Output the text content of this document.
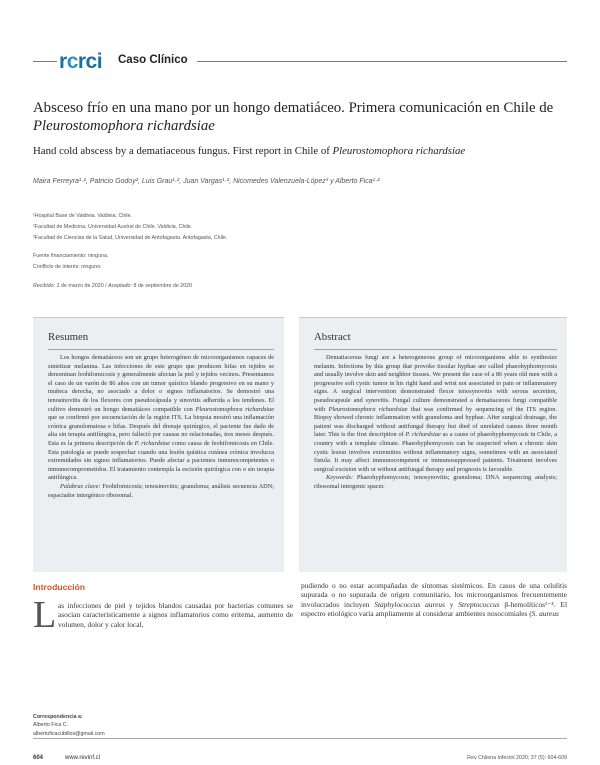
rcrci Caso Clínico
Absceso frío en una mano por un hongo dematiáceo. Primera comunicación en Chile de Pleurostomophora richardsiae
Hand cold abscess by a dematiaceous fungus. First report in Chile of Pleurostomophora richardsiae
Maira Ferreyra¹·², Patricio Godoy², Luis Grau¹·², Juan Vargas¹·², Nicomedes Valenzuela-López³ y Alberto Fica¹·²
¹Hospital Base de Valdivia. Valdivia, Chile.
²Facultad de Medicina, Universidad Austral de Chile. Valdivia, Chile.
³Facultad de Ciencias de la Salud, Universidad de Antofagasta. Antofagasta, Chile.
Fuente financiamiento: ninguna.
Conflicto de interés: ninguno.
Recibido: 2 de marzo de 2020 / Aceptado: 8 de septiembre de 2020
Resumen

Los hongos dematiáceos son un grupo heterogéneo de microorganismos capaces de sintetizar melanina. Las infecciones de este grupo que producen hifas en tejidos se denominan feohifomicosis y generalmente afectan la piel y tejidos vecinos. Presentamos el caso de un varón de 86 años con un tumor quístico blando progresivo en su mano y muñeca derecha, no asociado a dolor o signos inflamatorios. Se demostró una tenosinovitis de los flexores con pseudocápsula y sinovitis adherida a los tendones. El cultivo demostró un hongo dematiáceo compatible con Pleurostomophora richardsiae que se confirmó por secuenciación de la región ITS. La biopsia mostró una inflamación crónica granulomatosa e hifas. Después del drenaje quirúrgico, el paciente fue dado de alta sin terapia antifúngica, pero falleció por causas no relacionadas, tres meses después. Esta es la primera descripción de P. richardsiae como causa de feohifomicosis en Chile. Esta patología se puede sospechar cuando una lesión quística cutánea crónica involucra extremidades sin signos inflamatorios. Puede afectar a pacientes inmunocompetentes o inmunocomprometidos. El tratamiento contempla la escisión quirúrgica con o sin terapia antifúngica.
Palabras clave: Feohifomicosis; tenosinovitis; granuloma; análisis secuencia ADN; espaciador intergénico ribosomal.

Abstract

Dematiaceous fungi are a heterogeneous group of microorganisms able to synthesize melanin. Infections by this group that provoke tissular hyphae are called phaeohyphomycosis and usually involve skin and neighbor tissues. We present the case of a 86 years old men with a progressive soft cystic tumor in his right hand and wrist not associated to pain or inflammatory signs. A surgical intervention demonstrated flexor tenosynovitis with serous secretion, pseudocapsule and synovitis. Fungal culture demonstrated a dematiaceous fungi compatible with Pleurostomophora richardsiae that was confirmed by sequencing of the ITS region. Biopsy showed chronic inflammation with granuloma and hyphae. After surgical drainage, the patient was discharged without antifungal therapy but died of unrelated causes three month later. This is the first description of P. richardsiae as a cause of phaeohyphomycosis in Chile, a country with a template climate. Phaeohyphomycosis can be suspected when a chronic skin cystic lesion involves extremities without inflammatory signs, sometimes with an associated fistula. It may affect immunocompetent or immunosuppressed patients. Treatment involves surgical excision with or without antifungal therapy and prognosis is favorable.
Keywords: Phaeohyphomycosis; tenosynovitis; granuloma; DNA sequencing analysis; ribosomal intergenic spacer.

Introducción
L as infecciones de piel y tejidos blandos causadas por bacterias comunes se asocian característicamente a signos inflamatorios como eritema, aumento de volumen, dolor y calor local,

pudiendo o no estar acompañadas de síntomas sistémicos. En casos de una celulitis supurada o no supurada de origen comunitario, los microorganismos frecuentemente involucrados incluyen Staphylococcus aureus y Streptococcus β-hemolíticos¹⁻⁴. El espectro etiológico varía ampliamente al considerar ambientes nosocomiales (S. aureus

Correspondencia a:
Alberto Fica C.
albertoficacubillos@gmail.com
604	www.revinf.cl	Rev Chilena Infectol 2020; 37 (5): 604-609
